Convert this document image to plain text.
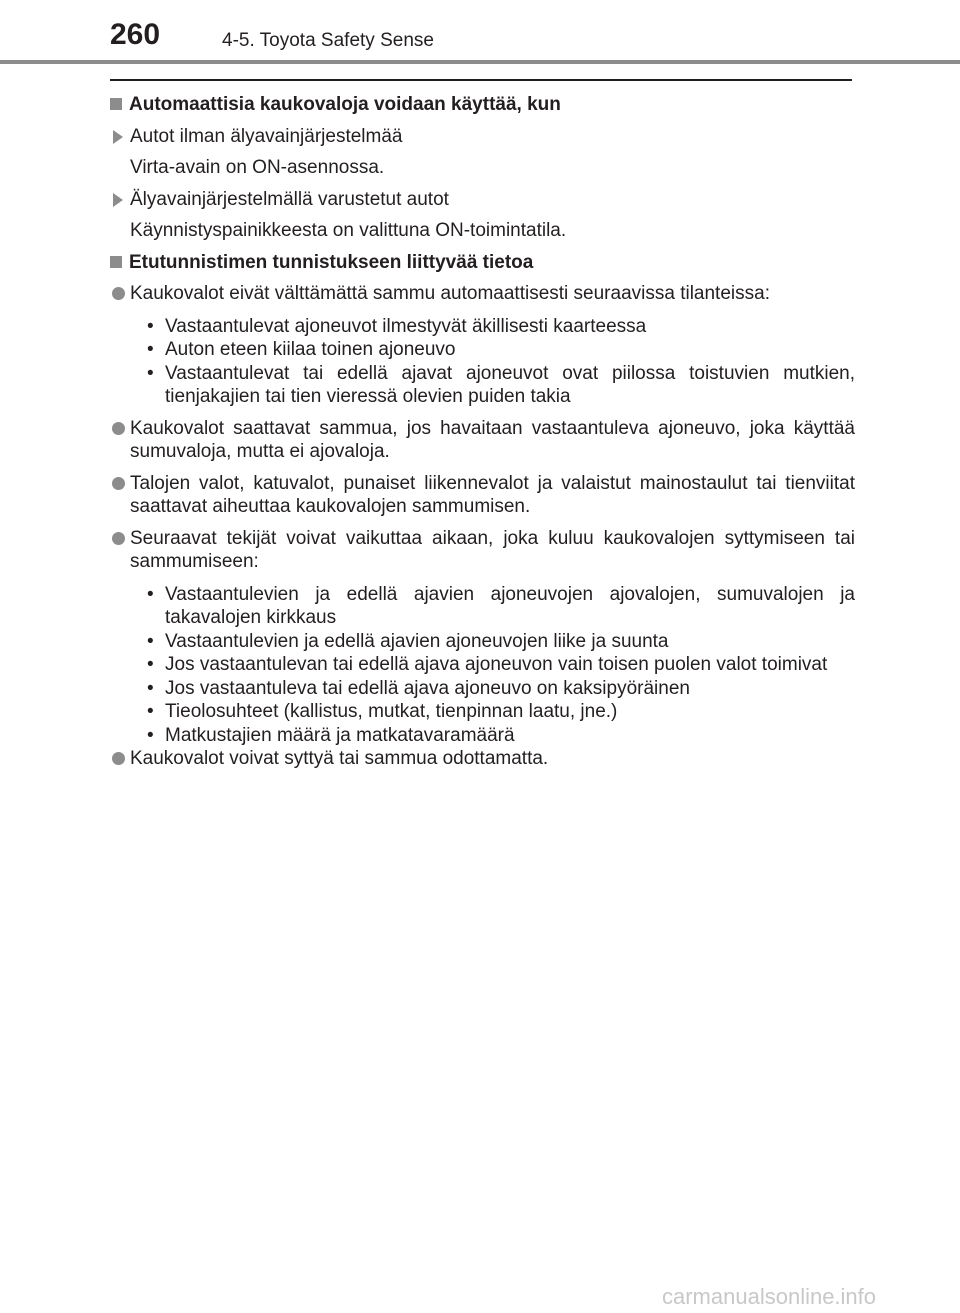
260	4-5. Toyota Safety Sense

Automaattisia kaukovaloja voidaan käyttää, kun

Autot ilman älyavainjärjestelmää

Virta-avain on ON-asennossa.

Älyavainjärjestelmällä varustetut autot

Käynnistyspainikkeesta on valittuna ON-toimintatila.

Etutunnistimen tunnistukseen liittyvää tietoa

Kaukovalot eivät välttämättä sammu automaattisesti seuraavissa tilanteissa:

• Vastaantulevat ajoneuvot ilmestyvät äkillisesti kaarteessa
• Auton eteen kiilaa toinen ajoneuvo
• Vastaantulevat tai edellä ajavat ajoneuvot ovat piilossa toistuvien mutkien, tienjakajien tai tien vieressä olevien puiden takia

Kaukovalot saattavat sammua, jos havaitaan vastaantuleva ajoneuvo, joka käyttää sumuvaloja, mutta ei ajovaloja.

Talojen valot, katuvalot, punaiset liikennevalot ja valaistut mainostaulut tai tienviitat saattavat aiheuttaa kaukovalojen sammumisen.

Seuraavat tekijät voivat vaikuttaa aikaan, joka kuluu kaukovalojen syttymiseen tai sammumiseen:

• Vastaantulevien ja edellä ajavien ajoneuvojen ajovalojen, sumuvalojen ja takavalojen kirkkaus
• Vastaantulevien ja edellä ajavien ajoneuvojen liike ja suunta
• Jos vastaantulevan tai edellä ajava ajoneuvon vain toisen puolen valot toimivat
• Jos vastaantuleva tai edellä ajava ajoneuvo on kaksipyöräinen
• Tieolosuhteet (kallistus, mutkat, tienpinnan laatu, jne.)
• Matkustajien määrä ja matkatavaramäärä

Kaukovalot voivat syttyä tai sammua odottamatta.

carmanualsonline.info
